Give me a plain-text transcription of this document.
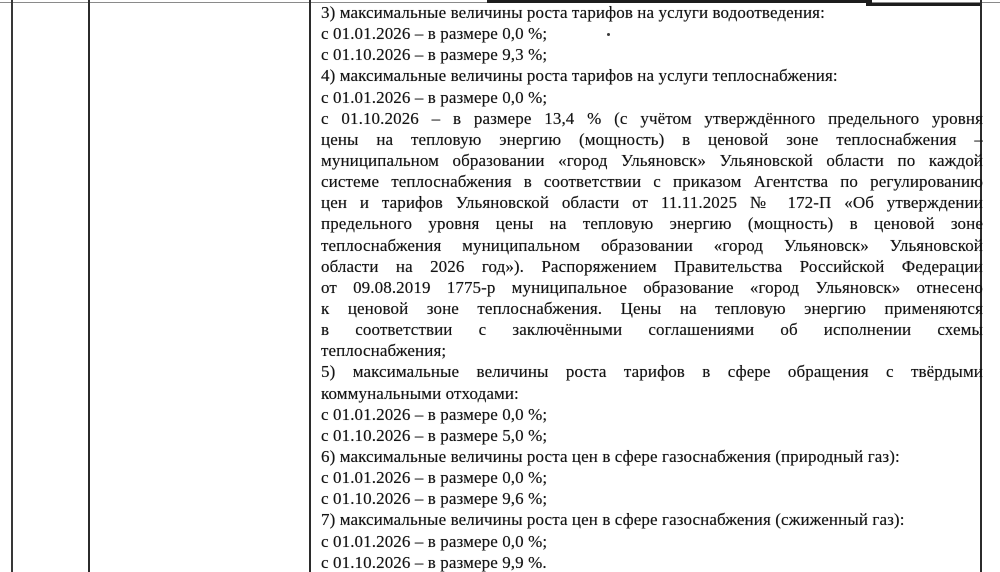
3) максимальные величины роста тарифов на услуги водоотведения:
с 01.01.2026 – в размере 0,0 %;
с 01.10.2026 – в размере 9,3 %;
4) максимальные величины роста тарифов на услуги теплоснабжения:
с 01.01.2026 – в размере 0,0 %;
с 01.10.2026 – в размере 13,4 % (с учётом утверждённого предельного уровня
цены на тепловую энергию (мощность) в ценовой зоне теплоснабжения –
муниципальном образовании «город Ульяновск» Ульяновской области по каждой
системе теплоснабжения в соответствии с приказом Агентства по регулированию
цен и тарифов Ульяновской области от 11.11.2025 № 172-П «Об утверждении
предельного уровня цены на тепловую энергию (мощность) в ценовой зоне
теплоснабжения муниципальном образовании «город Ульяновск» Ульяновской
области на 2026 год»). Распоряжением Правительства Российской Федерации
от 09.08.2019 1775-р муниципальное образование «город Ульяновск» отнесено
к ценовой зоне теплоснабжения. Цены на тепловую энергию применяются
в соответствии с заключёнными соглашениями об исполнении схемы
теплоснабжения;
5) максимальные величины роста тарифов в сфере обращения с твёрдыми
коммунальными отходами:
с 01.01.2026 – в размере 0,0 %;
с 01.10.2026 – в размере 5,0 %;
6) максимальные величины роста цен в сфере газоснабжения (природный газ):
с 01.01.2026 – в размере 0,0 %;
с 01.10.2026 – в размере 9,6 %;
7) максимальные величины роста цен в сфере газоснабжения (сжиженный газ):
с 01.01.2026 – в размере 0,0 %;
с 01.10.2026 – в размере 9,9 %.
